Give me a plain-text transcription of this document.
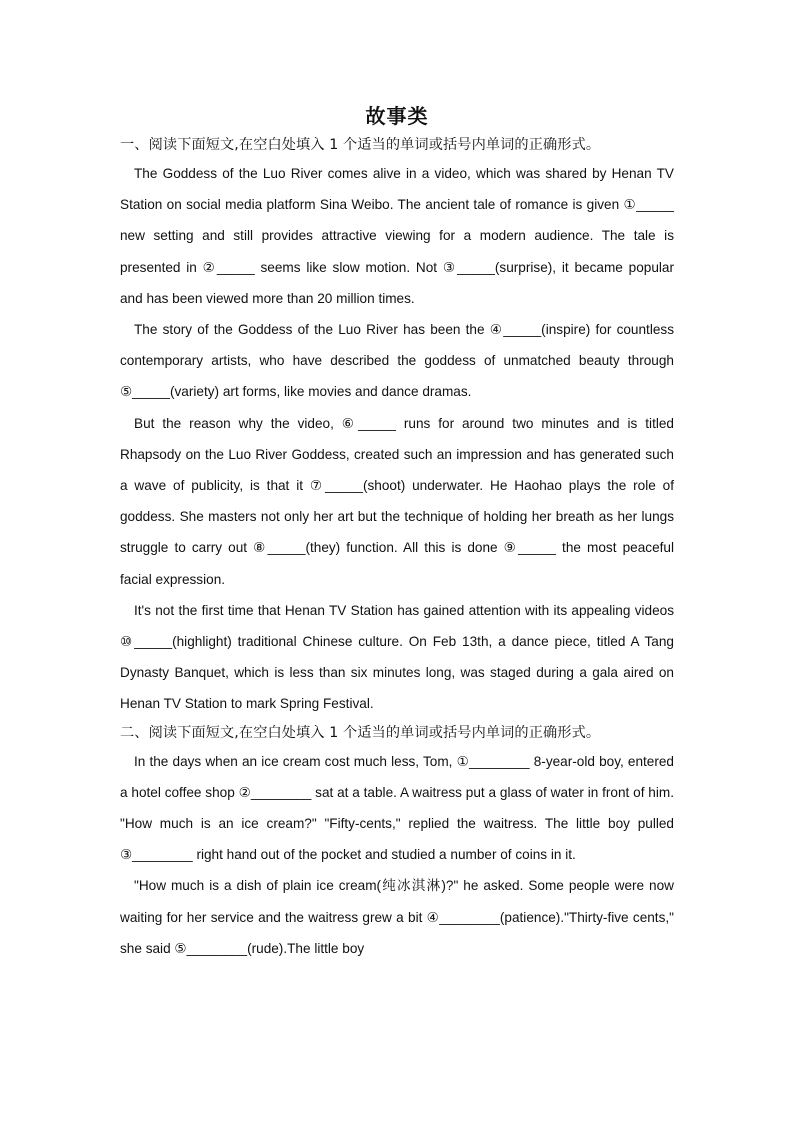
故事类
一、阅读下面短文,在空白处填入 1 个适当的单词或括号内单词的正确形式。

The Goddess of the Luo River comes alive in a video, which was shared by Henan TV Station on social media platform Sina Weibo. The ancient tale of romance is given ①_____ new setting and still provides attractive viewing for a modern audience. The tale is presented in ②_____ seems like slow motion. Not ③_____(surprise), it became popular and has been viewed more than 20 million times.

The story of the Goddess of the Luo River has been the ④_____(inspire) for countless contemporary artists, who have described the goddess of unmatched beauty through ⑤_____(variety) art forms, like movies and dance dramas.

But the reason why the video, ⑥_____ runs for around two minutes and is titled Rhapsody on the Luo River Goddess, created such an impression and has generated such a wave of publicity, is that it ⑦_____(shoot) underwater. He Haohao plays the role of goddess. She masters not only her art but the technique of holding her breath as her lungs struggle to carry out ⑧_____(they) function. All this is done ⑨_____ the most peaceful facial expression.

It's not the first time that Henan TV Station has gained attention with its appealing videos ⑩_____(highlight) traditional Chinese culture. On Feb 13th, a dance piece, titled A Tang Dynasty Banquet, which is less than six minutes long, was staged during a gala aired on Henan TV Station to mark Spring Festival.

二、阅读下面短文,在空白处填入 1 个适当的单词或括号内单词的正确形式。

In the days when an ice cream cost much less, Tom, ①________ 8-year-old boy, entered a hotel coffee shop ②________ sat at a table. A waitress put a glass of water in front of him. "How much is an ice cream?" "Fifty-cents," replied the waitress. The little boy pulled ③________ right hand out of the pocket and studied a number of coins in it.

"How much is a dish of plain ice cream(纯冰淇淋)?" he asked. Some people were now waiting for her service and the waitress grew a bit ④________(patience)."Thirty-five cents," she said ⑤________(rude).The little boy
